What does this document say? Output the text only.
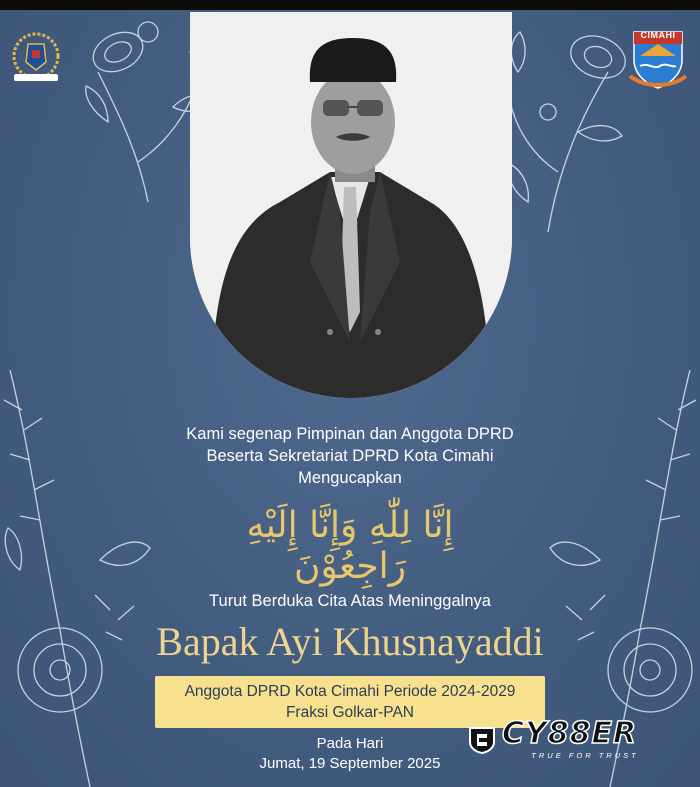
CIMAHI
Kami segenap Pimpinan dan Anggota DPRD
Beserta Sekretariat DPRD Kota Cimahi
Mengucapkan
إِنَّا لِلّٰهِ وَإِنَّا إِلَيْهِ رَاجِعُوْنَ
Turut Berduka Cita Atas Meninggalnya
Bapak Ayi Khusnayaddi
Anggota DPRD Kota Cimahi Periode 2024-2029
Fraksi Golkar-PAN
Pada Hari
Jumat, 19 September 2025
CY88ER
TRUE FOR TRUST
